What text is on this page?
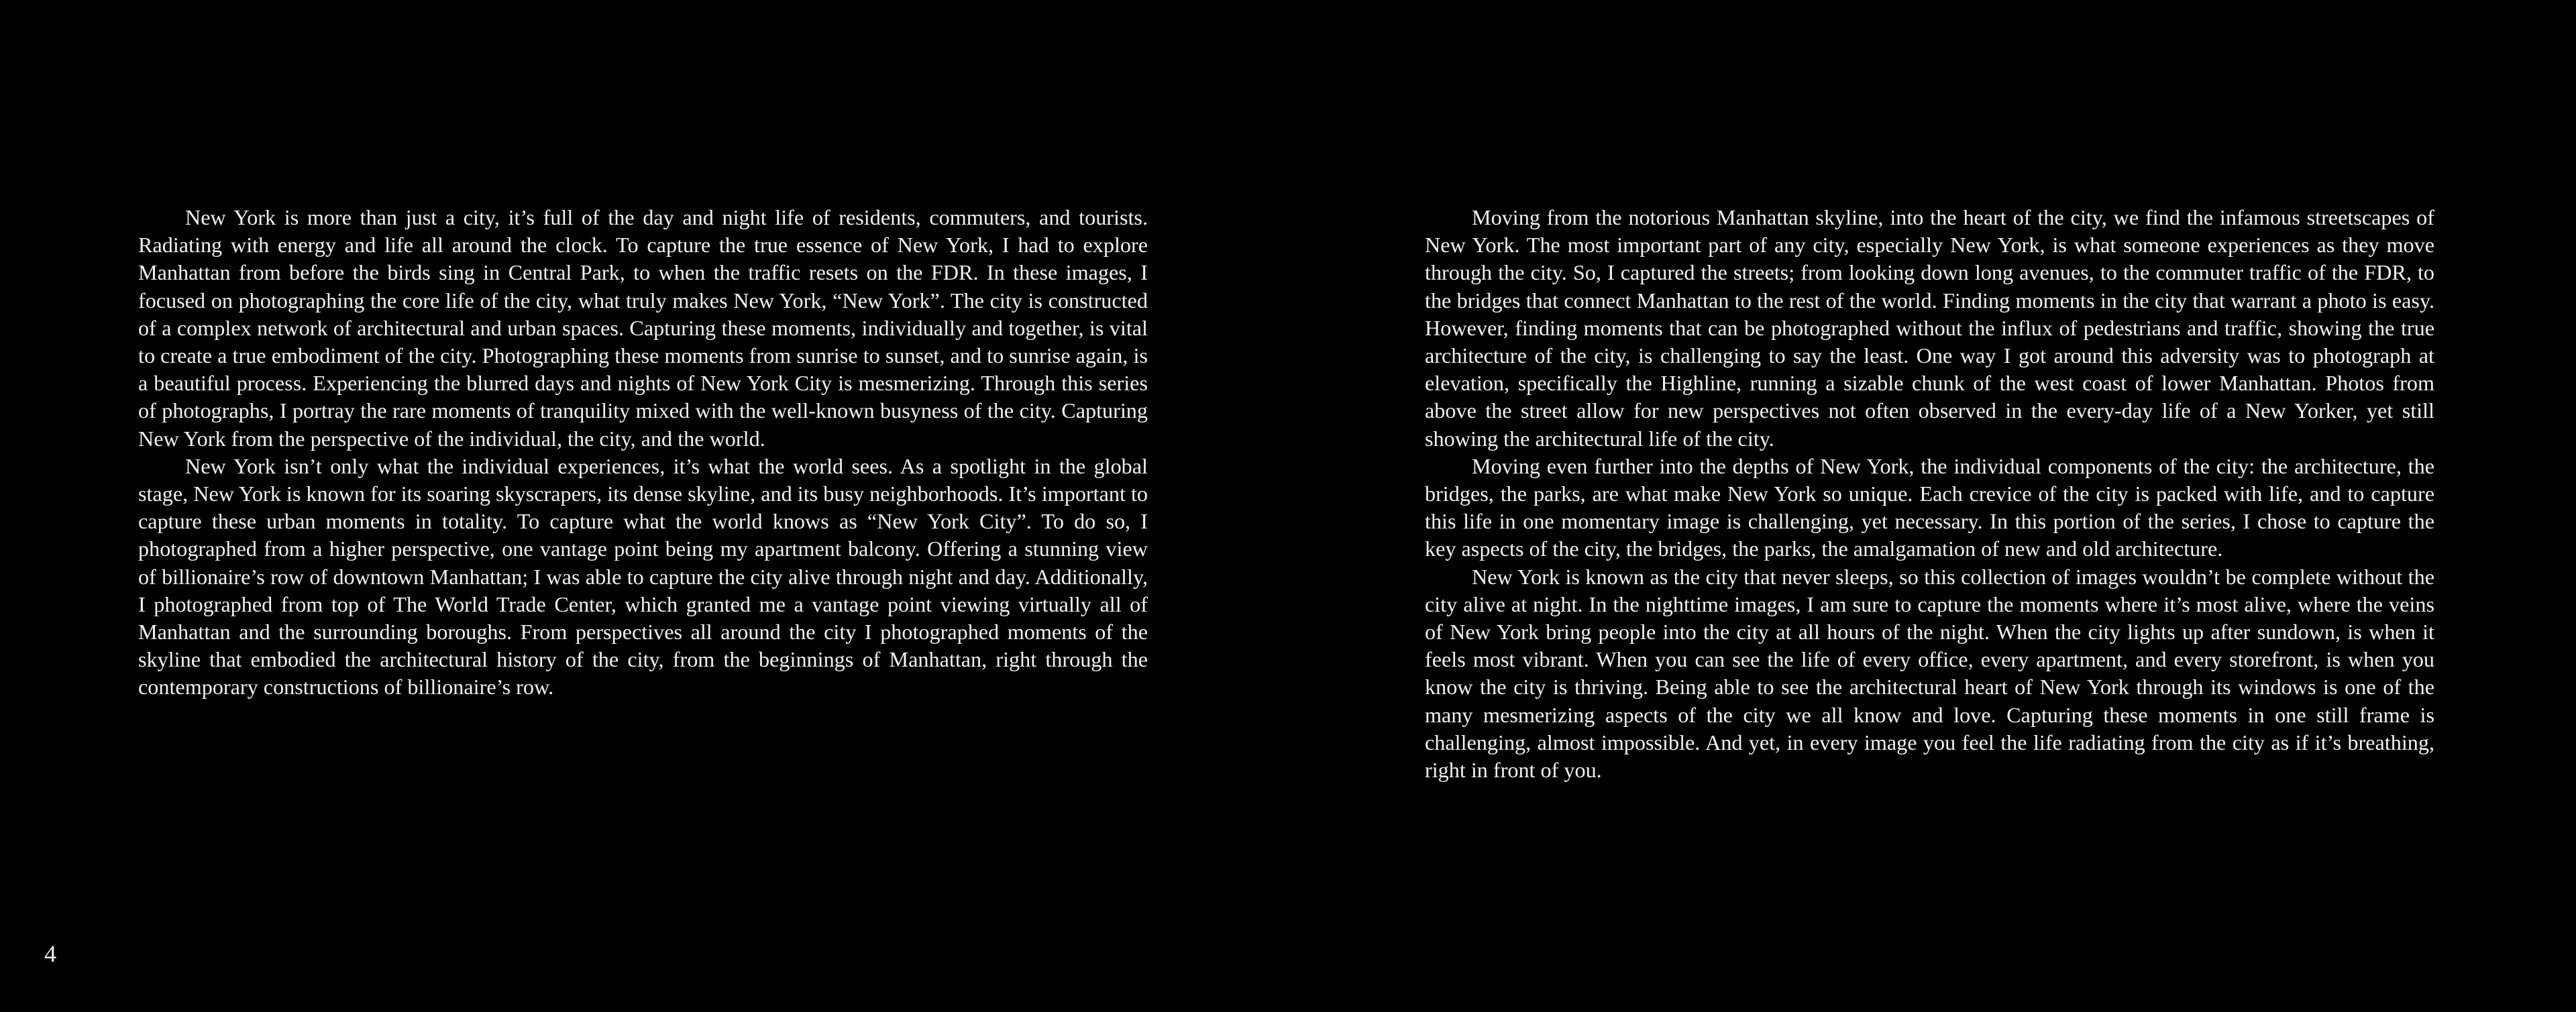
New York is more than just a city, it’s full of the day and night life of residents, commuters, and tourists. Radiating with energy and life all around the clock. To capture the true essence of New York, I had to explore Manhattan from before the birds sing in Central Park, to when the traffic resets on the FDR. In these images, I focused on photographing the core life of the city, what truly makes New York, “New York”. The city is constructed of a complex network of architectural and urban spaces. Capturing these moments, individually and together, is vital to create a true embodiment of the city. Photographing these moments from sunrise to sunset, and to sunrise again, is a beautiful process. Experiencing the blurred days and nights of New York City is mesmerizing. Through this series of photographs, I portray the rare moments of tranquility mixed with the well-known busyness of the city. Capturing New York from the perspective of the individual, the city, and the world.

New York isn’t only what the individual experiences, it’s what the world sees. As a spotlight in the global stage, New York is known for its soaring skyscrapers, its dense skyline, and its busy neighborhoods. It’s important to capture these urban moments in totality. To capture what the world knows as “New York City”. To do so, I photographed from a higher perspective, one vantage point being my apartment balcony. Offering a stunning view of billionaire’s row of downtown Manhattan; I was able to capture the city alive through night and day. Additionally, I photographed from top of The World Trade Center, which granted me a vantage point viewing virtually all of Manhattan and the surrounding boroughs. From perspectives all around the city I photographed moments of the skyline that embodied the architectural history of the city, from the beginnings of Manhattan, right through the contemporary constructions of billionaire’s row.

Moving from the notorious Manhattan skyline, into the heart of the city, we find the infamous streetscapes of New York. The most important part of any city, especially New York, is what someone experiences as they move through the city. So, I captured the streets; from looking down long avenues, to the commuter traffic of the FDR, to the bridges that connect Manhattan to the rest of the world. Finding moments in the city that warrant a photo is easy. However, finding moments that can be photographed without the influx of pedestrians and traffic, showing the true architecture of the city, is challenging to say the least. One way I got around this adversity was to photograph at elevation, specifically the Highline, running a sizable chunk of the west coast of lower Manhattan. Photos from above the street allow for new perspectives not often observed in the every-day life of a New Yorker, yet still showing the architectural life of the city.

Moving even further into the depths of New York, the individual components of the city: the architecture, the bridges, the parks, are what make New York so unique. Each crevice of the city is packed with life, and to capture this life in one momentary image is challenging, yet necessary. In this portion of the series, I chose to capture the key aspects of the city, the bridges, the parks, the amalgamation of new and old architecture.

New York is known as the city that never sleeps, so this collection of images wouldn’t be complete without the city alive at night. In the nighttime images, I am sure to capture the moments where it’s most alive, where the veins of New York bring people into the city at all hours of the night. When the city lights up after sundown, is when it feels most vibrant. When you can see the life of every office, every apartment, and every storefront, is when you know the city is thriving. Being able to see the architectural heart of New York through its windows is one of the many mesmerizing aspects of the city we all know and love. Capturing these moments in one still frame is challenging, almost impossible. And yet, in every image you feel the life radiating from the city as if it’s breathing, right in front of you.

4
